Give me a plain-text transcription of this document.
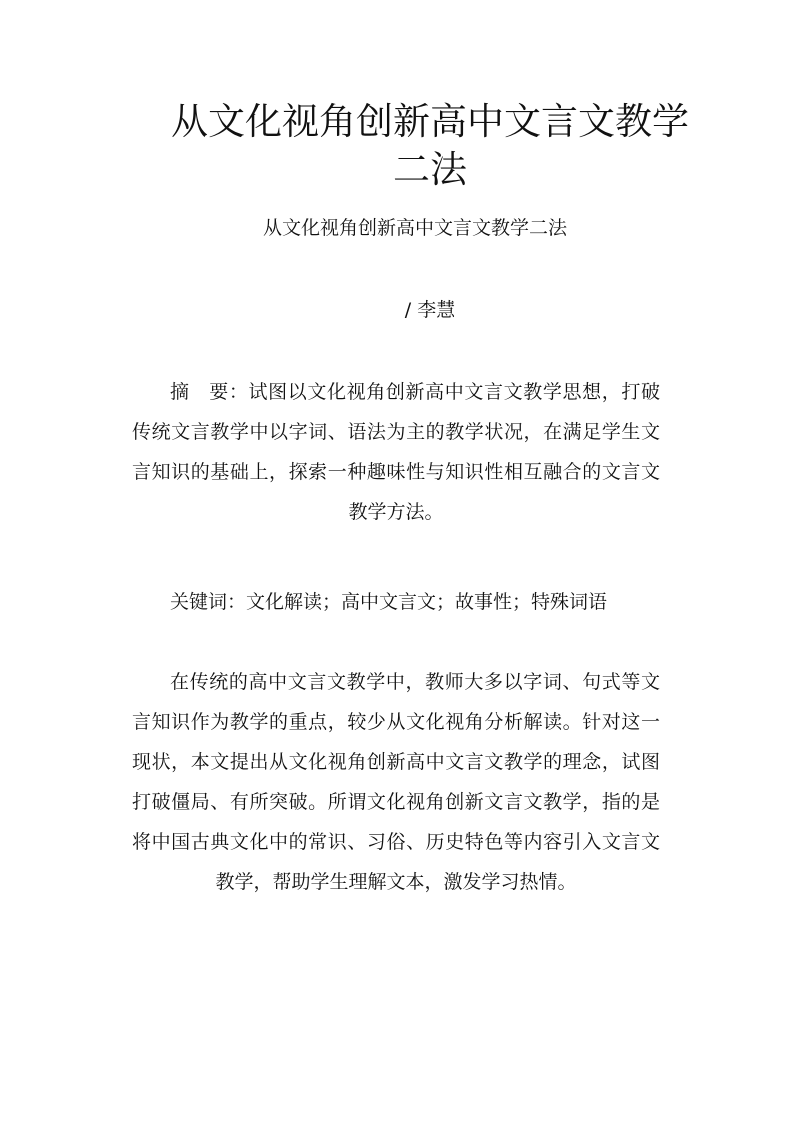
从文化视角创新高中文言文教学二法
从文化视角创新高中文言文教学二法
/ 李慧

摘　要：试图以文化视角创新高中文言文教学思想，打破传统文言教学中以字词、语法为主的教学状况，在满足学生文言知识的基础上，探索一种趣味性与知识性相互融合的文言文教学方法。

关键词：文化解读；高中文言文；故事性；特殊词语

在传统的高中文言文教学中，教师大多以字词、句式等文言知识作为教学的重点，较少从文化视角分析解读。针对这一现状，本文提出从文化视角创新高中文言文教学的理念，试图打破僵局、有所突破。所谓文化视角创新文言文教学，指的是将中国古典文化中的常识、习俗、历史特色等内容引入文言文教学，帮助学生理解文本，激发学习热情。
